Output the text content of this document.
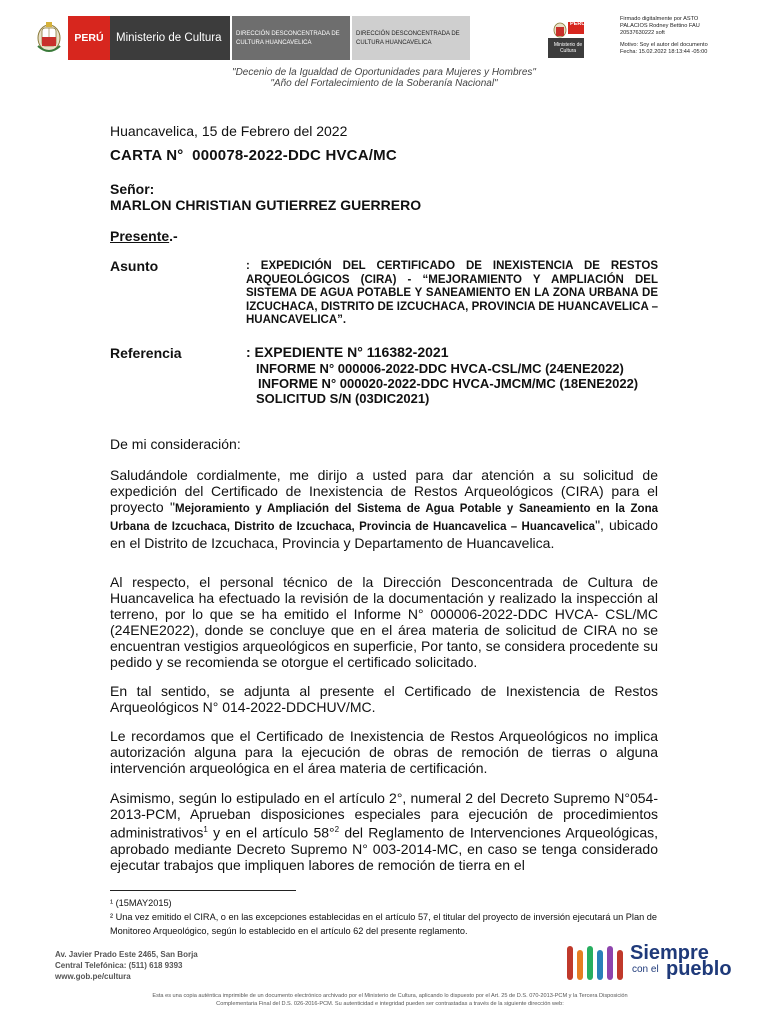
PERÚ	Ministerio de Cultura	DIRECCIÓN DESCONCENTRADA DE CULTURA HUANCAVELICA
DIRECCIÓN DESCONCENTRADA DE CULTURA HUANCAVELICA
PERÚ
Ministerio de Cultura
Firmado digitalmente por ASTO
PALACIOS Rodney Bettino FAU
20537630222 soft
Motivo: Soy el autor del documento
Fecha: 15.02.2022 18:13:44 -05:00
"Decenio de la Igualdad de Oportunidades para Mujeres y Hombres"
"Año del Fortalecimiento de la Soberanía Nacional"
Huancavelica, 15 de Febrero del 2022
CARTA N° 000078-2022-DDC HVCA/MC
Señor:
MARLON CHRISTIAN GUTIERREZ GUERRERO
Presente.-
Asunto	: EXPEDICIÓN DEL CERTIFICADO DE INEXISTENCIA DE RESTOS ARQUEOLÓGICOS (CIRA) - “MEJORAMIENTO Y AMPLIACIÓN DEL SISTEMA DE AGUA POTABLE Y SANEAMIENTO EN LA ZONA URBANA DE IZCUCHACA, DISTRITO DE IZCUCHACA, PROVINCIA DE HUANCAVELICA – HUANCAVELICA”.
Referencia	: EXPEDIENTE N° 116382-2021
INFORME N° 000006-2022-DDC HVCA-CSL/MC (24ENE2022)
INFORME N° 000020-2022-DDC HVCA-JMCM/MC (18ENE2022)
SOLICITUD S/N (03DIC2021)
De mi consideración:
Saludándole cordialmente, me dirijo a usted para dar atención a su solicitud de expedición del Certificado de Inexistencia de Restos Arqueológicos (CIRA) para el proyecto "Mejoramiento y Ampliación del Sistema de Agua Potable y Saneamiento en la Zona Urbana de Izcuchaca, Distrito de Izcuchaca, Provincia de Huancavelica – Huancavelica", ubicado en el Distrito de Izcuchaca, Provincia y Departamento de Huancavelica.
Al respecto, el personal técnico de la Dirección Desconcentrada de Cultura de Huancavelica ha efectuado la revisión de la documentación y realizado la inspección al terreno, por lo que se ha emitido el Informe N° 000006-2022-DDC HVCA- CSL/MC (24ENE2022), donde se concluye que en el área materia de solicitud de CIRA no se encuentran vestigios arqueológicos en superficie, Por tanto, se considera procedente su pedido y se recomienda se otorgue el certificado solicitado.
En tal sentido, se adjunta al presente el Certificado de Inexistencia de Restos Arqueológicos N° 014-2022-DDCHUV/MC.
Le recordamos que el Certificado de Inexistencia de Restos Arqueológicos no implica autorización alguna para la ejecución de obras de remoción de tierras o alguna intervención arqueológica en el área materia de certificación.
Asimismo, según lo estipulado en el artículo 2°, numeral 2 del Decreto Supremo N°054-2013-PCM, Aprueban disposiciones especiales para ejecución de procedimientos administrativos$^1$ y en el artículo 58°$^2$ del Reglamento de Intervenciones Arqueológicas, aprobado mediante Decreto Supremo N° 003-2014-MC, en caso se tenga considerado ejecutar trabajos que impliquen labores de remoción de tierra en el
¹ (15MAY2015)
² Una vez emitido el CIRA, o en las excepciones establecidas en el artículo 57, el titular del proyecto de inversión ejecutará un Plan de Monitoreo Arqueológico, según lo establecido en el artículo 62 del presente reglamento.
Av. Javier Prado Este 2465, San Borja
Central Telefónica: (511) 618 9393
www.gob.pe/cultura
Siempre
con el pueblo
Esta es una copia auténtica imprimible de un documento electrónico archivado por el Ministerio de Cultura, aplicando lo dispuesto por el Art. 25 de D.S. 070-2013-PCM y la Tercera Disposición
Complementaria Final del D.S. 026-2016-PCM. Su autenticidad e integridad pueden ser contrastadas a través de la siguiente dirección web:
